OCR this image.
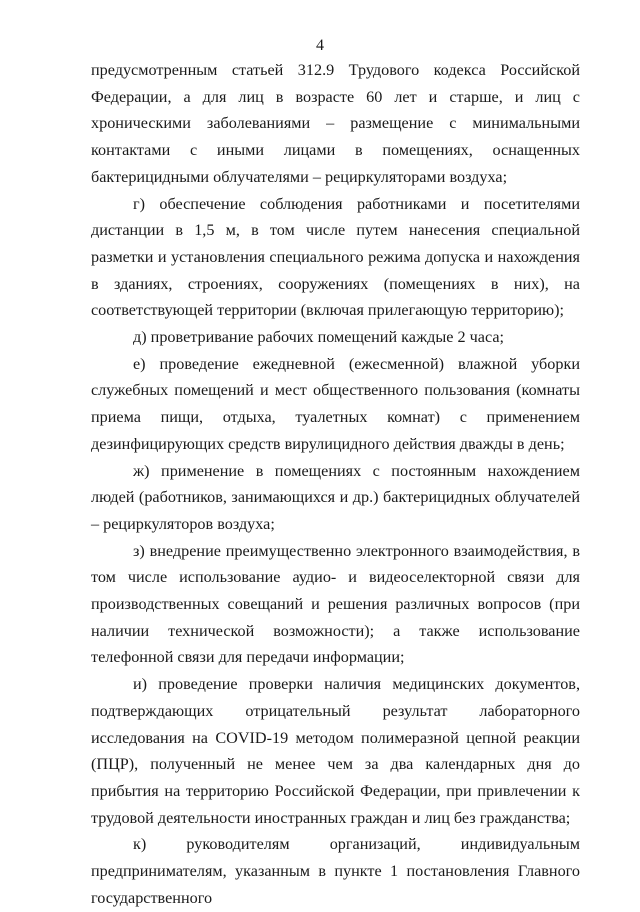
4

предусмотренным статьей 312.9 Трудового кодекса Российской Федерации, а для лиц в возрасте 60 лет и старше, и лиц с хроническими заболеваниями – размещение с минимальными контактами с иными лицами в помещениях, оснащенных бактерицидными облучателями – рециркуляторами воздуха;

г) обеспечение соблюдения работниками и посетителями дистанции в 1,5 м, в том числе путем нанесения специальной разметки и установления специального режима допуска и нахождения в зданиях, строениях, сооружениях (помещениях в них), на соответствующей территории (включая прилегающую территорию);

д) проветривание рабочих помещений каждые 2 часа;

е) проведение ежедневной (ежесменной) влажной уборки служебных помещений и мест общественного пользования (комнаты приема пищи, отдыха, туалетных комнат) с применением дезинфицирующих средств вирулицидного действия дважды в день;

ж) применение в помещениях с постоянным нахождением людей (работников, занимающихся и др.) бактерицидных облучателей – рециркуляторов воздуха;

з) внедрение преимущественно электронного взаимодействия, в том числе использование аудио- и видеоселекторной связи для производственных совещаний и решения различных вопросов (при наличии технической возможности); а также использование телефонной связи для передачи информации;

и) проведение проверки наличия медицинских документов, подтверждающих отрицательный результат лабораторного исследования на COVID-19 методом полимеразной цепной реакции (ПЦР), полученный не менее чем за два календарных дня до прибытия на территорию Российской Федерации, при привлечении к трудовой деятельности иностранных граждан и лиц без гражданства;

к) руководителям организаций, индивидуальным предпринимателям, указанным в пункте 1 постановления Главного государственного
